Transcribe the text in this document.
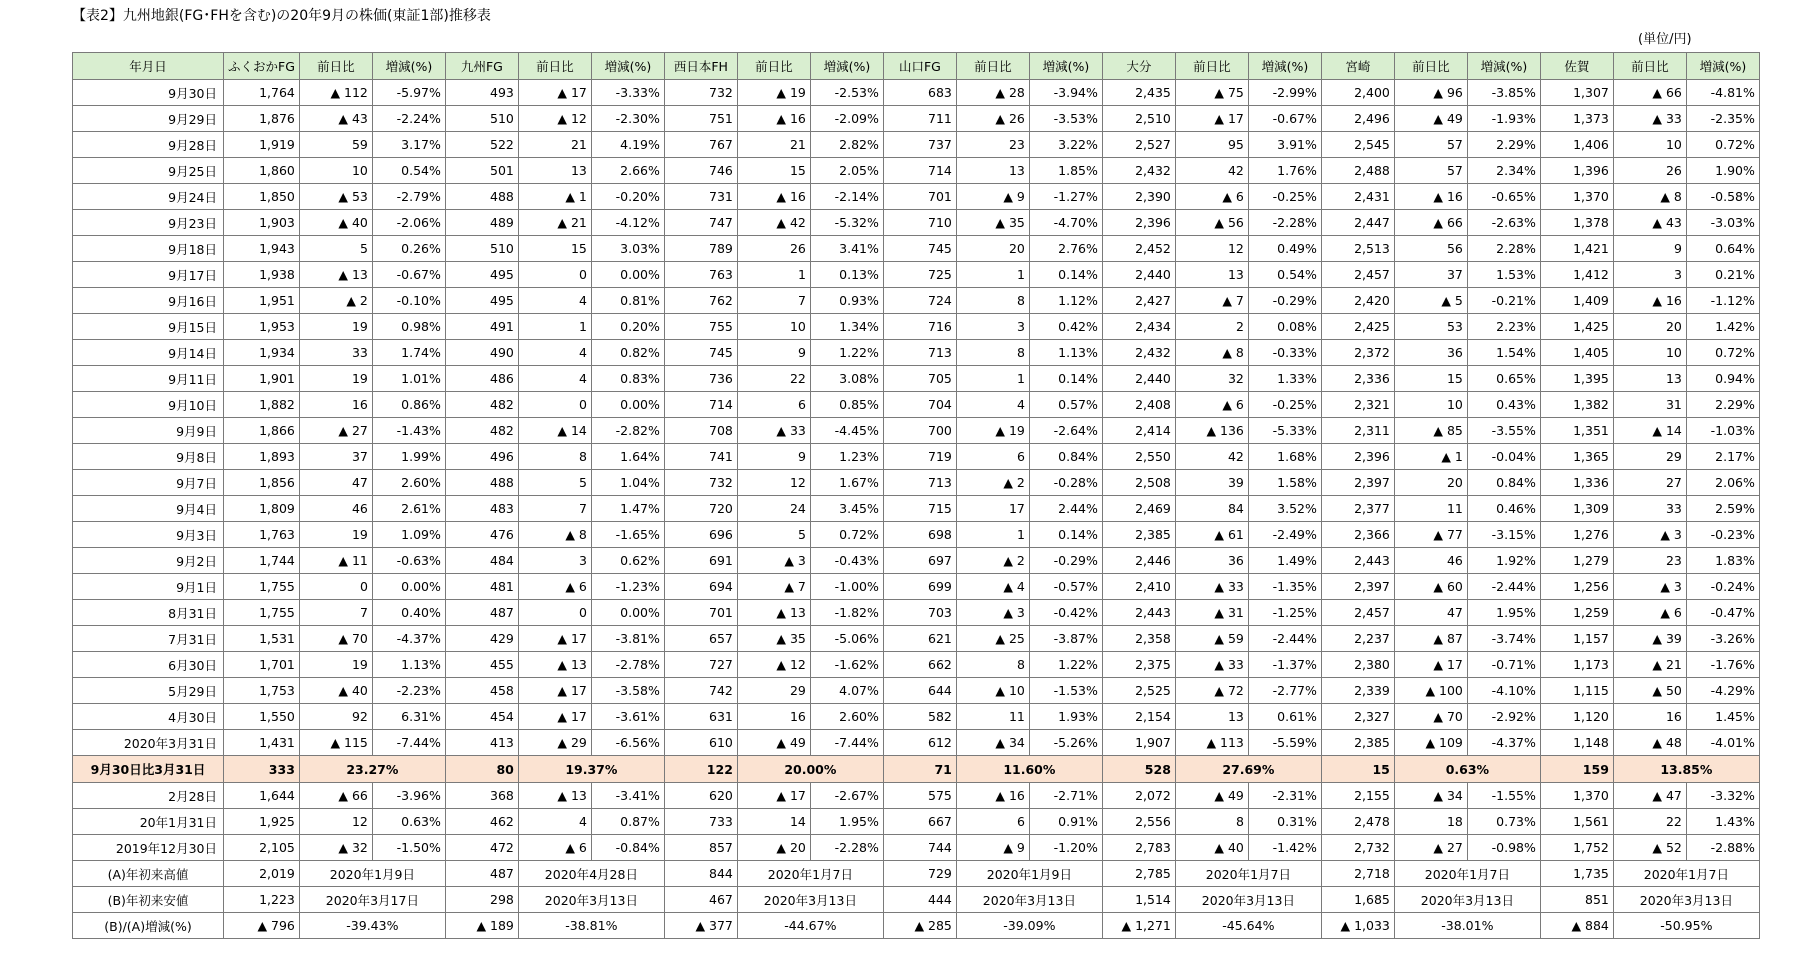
【表2】九州地銀(FG･FHを含む)の20年9月の株価(東証1部)推移表
(単位/円)
年月日	ふくおかFG	前日比	増減(%)	九州FG	前日比	増減(%)	西日本FH	前日比	増減(%)	山口FG	前日比	増減(%)	大分	前日比	増減(%)	宮崎	前日比	増減(%)	佐賀	前日比	増減(%)
9月30日	1,764	▲ 112	-5.97%	493	▲ 17	-3.33%	732	▲ 19	-2.53%	683	▲ 28	-3.94%	2,435	▲ 75	-2.99%	2,400	▲ 96	-3.85%	1,307	▲ 66	-4.81%
9月29日	1,876	▲ 43	-2.24%	510	▲ 12	-2.30%	751	▲ 16	-2.09%	711	▲ 26	-3.53%	2,510	▲ 17	-0.67%	2,496	▲ 49	-1.93%	1,373	▲ 33	-2.35%
9月28日	1,919	59	3.17%	522	21	4.19%	767	21	2.82%	737	23	3.22%	2,527	95	3.91%	2,545	57	2.29%	1,406	10	0.72%
9月25日	1,860	10	0.54%	501	13	2.66%	746	15	2.05%	714	13	1.85%	2,432	42	1.76%	2,488	57	2.34%	1,396	26	1.90%
9月24日	1,850	▲ 53	-2.79%	488	▲ 1	-0.20%	731	▲ 16	-2.14%	701	▲ 9	-1.27%	2,390	▲ 6	-0.25%	2,431	▲ 16	-0.65%	1,370	▲ 8	-0.58%
9月23日	1,903	▲ 40	-2.06%	489	▲ 21	-4.12%	747	▲ 42	-5.32%	710	▲ 35	-4.70%	2,396	▲ 56	-2.28%	2,447	▲ 66	-2.63%	1,378	▲ 43	-3.03%
9月18日	1,943	5	0.26%	510	15	3.03%	789	26	3.41%	745	20	2.76%	2,452	12	0.49%	2,513	56	2.28%	1,421	9	0.64%
9月17日	1,938	▲ 13	-0.67%	495	0	0.00%	763	1	0.13%	725	1	0.14%	2,440	13	0.54%	2,457	37	1.53%	1,412	3	0.21%
9月16日	1,951	▲ 2	-0.10%	495	4	0.81%	762	7	0.93%	724	8	1.12%	2,427	▲ 7	-0.29%	2,420	▲ 5	-0.21%	1,409	▲ 16	-1.12%
9月15日	1,953	19	0.98%	491	1	0.20%	755	10	1.34%	716	3	0.42%	2,434	2	0.08%	2,425	53	2.23%	1,425	20	1.42%
9月14日	1,934	33	1.74%	490	4	0.82%	745	9	1.22%	713	8	1.13%	2,432	▲ 8	-0.33%	2,372	36	1.54%	1,405	10	0.72%
9月11日	1,901	19	1.01%	486	4	0.83%	736	22	3.08%	705	1	0.14%	2,440	32	1.33%	2,336	15	0.65%	1,395	13	0.94%
9月10日	1,882	16	0.86%	482	0	0.00%	714	6	0.85%	704	4	0.57%	2,408	▲ 6	-0.25%	2,321	10	0.43%	1,382	31	2.29%
9月9日	1,866	▲ 27	-1.43%	482	▲ 14	-2.82%	708	▲ 33	-4.45%	700	▲ 19	-2.64%	2,414	▲ 136	-5.33%	2,311	▲ 85	-3.55%	1,351	▲ 14	-1.03%
9月8日	1,893	37	1.99%	496	8	1.64%	741	9	1.23%	719	6	0.84%	2,550	42	1.68%	2,396	▲ 1	-0.04%	1,365	29	2.17%
9月7日	1,856	47	2.60%	488	5	1.04%	732	12	1.67%	713	▲ 2	-0.28%	2,508	39	1.58%	2,397	20	0.84%	1,336	27	2.06%
9月4日	1,809	46	2.61%	483	7	1.47%	720	24	3.45%	715	17	2.44%	2,469	84	3.52%	2,377	11	0.46%	1,309	33	2.59%
9月3日	1,763	19	1.09%	476	▲ 8	-1.65%	696	5	0.72%	698	1	0.14%	2,385	▲ 61	-2.49%	2,366	▲ 77	-3.15%	1,276	▲ 3	-0.23%
9月2日	1,744	▲ 11	-0.63%	484	3	0.62%	691	▲ 3	-0.43%	697	▲ 2	-0.29%	2,446	36	1.49%	2,443	46	1.92%	1,279	23	1.83%
9月1日	1,755	0	0.00%	481	▲ 6	-1.23%	694	▲ 7	-1.00%	699	▲ 4	-0.57%	2,410	▲ 33	-1.35%	2,397	▲ 60	-2.44%	1,256	▲ 3	-0.24%
8月31日	1,755	7	0.40%	487	0	0.00%	701	▲ 13	-1.82%	703	▲ 3	-0.42%	2,443	▲ 31	-1.25%	2,457	47	1.95%	1,259	▲ 6	-0.47%
7月31日	1,531	▲ 70	-4.37%	429	▲ 17	-3.81%	657	▲ 35	-5.06%	621	▲ 25	-3.87%	2,358	▲ 59	-2.44%	2,237	▲ 87	-3.74%	1,157	▲ 39	-3.26%
6月30日	1,701	19	1.13%	455	▲ 13	-2.78%	727	▲ 12	-1.62%	662	8	1.22%	2,375	▲ 33	-1.37%	2,380	▲ 17	-0.71%	1,173	▲ 21	-1.76%
5月29日	1,753	▲ 40	-2.23%	458	▲ 17	-3.58%	742	29	4.07%	644	▲ 10	-1.53%	2,525	▲ 72	-2.77%	2,339	▲ 100	-4.10%	1,115	▲ 50	-4.29%
4月30日	1,550	92	6.31%	454	▲ 17	-3.61%	631	16	2.60%	582	11	1.93%	2,154	13	0.61%	2,327	▲ 70	-2.92%	1,120	16	1.45%
2020年3月31日	1,431	▲ 115	-7.44%	413	▲ 29	-6.56%	610	▲ 49	-7.44%	612	▲ 34	-5.26%	1,907	▲ 113	-5.59%	2,385	▲ 109	-4.37%	1,148	▲ 48	-4.01%
9月30日比3月31日	333	23.27%		80	19.37%		122	20.00%		71	11.60%		528	27.69%		15	0.63%		159	13.85%	
2月28日	1,644	▲ 66	-3.96%	368	▲ 13	-3.41%	620	▲ 17	-2.67%	575	▲ 16	-2.71%	2,072	▲ 49	-2.31%	2,155	▲ 34	-1.55%	1,370	▲ 47	-3.32%
20年1月31日	1,925	12	0.63%	462	4	0.87%	733	14	1.95%	667	6	0.91%	2,556	8	0.31%	2,478	18	0.73%	1,561	22	1.43%
2019年12月30日	2,105	▲ 32	-1.50%	472	▲ 6	-0.84%	857	▲ 20	-2.28%	744	▲ 9	-1.20%	2,783	▲ 40	-1.42%	2,732	▲ 27	-0.98%	1,752	▲ 52	-2.88%
(A)年初来高値	2,019	2020年1月9日		487	2020年4月28日		844	2020年1月7日		729	2020年1月9日		2,785	2020年1月7日		2,718	2020年1月7日		1,735	2020年1月7日	
(B)年初来安値	1,223	2020年3月17日		298	2020年3月13日		467	2020年3月13日		444	2020年3月13日		1,514	2020年3月13日		1,685	2020年3月13日		851	2020年3月13日	
(B)/(A)増減(%)	▲ 796	-39.43%		▲ 189	-38.81%		▲ 377	-44.67%		▲ 285	-39.09%		▲ 1,271	-45.64%		▲ 1,033	-38.01%		▲ 884	-50.95%	
